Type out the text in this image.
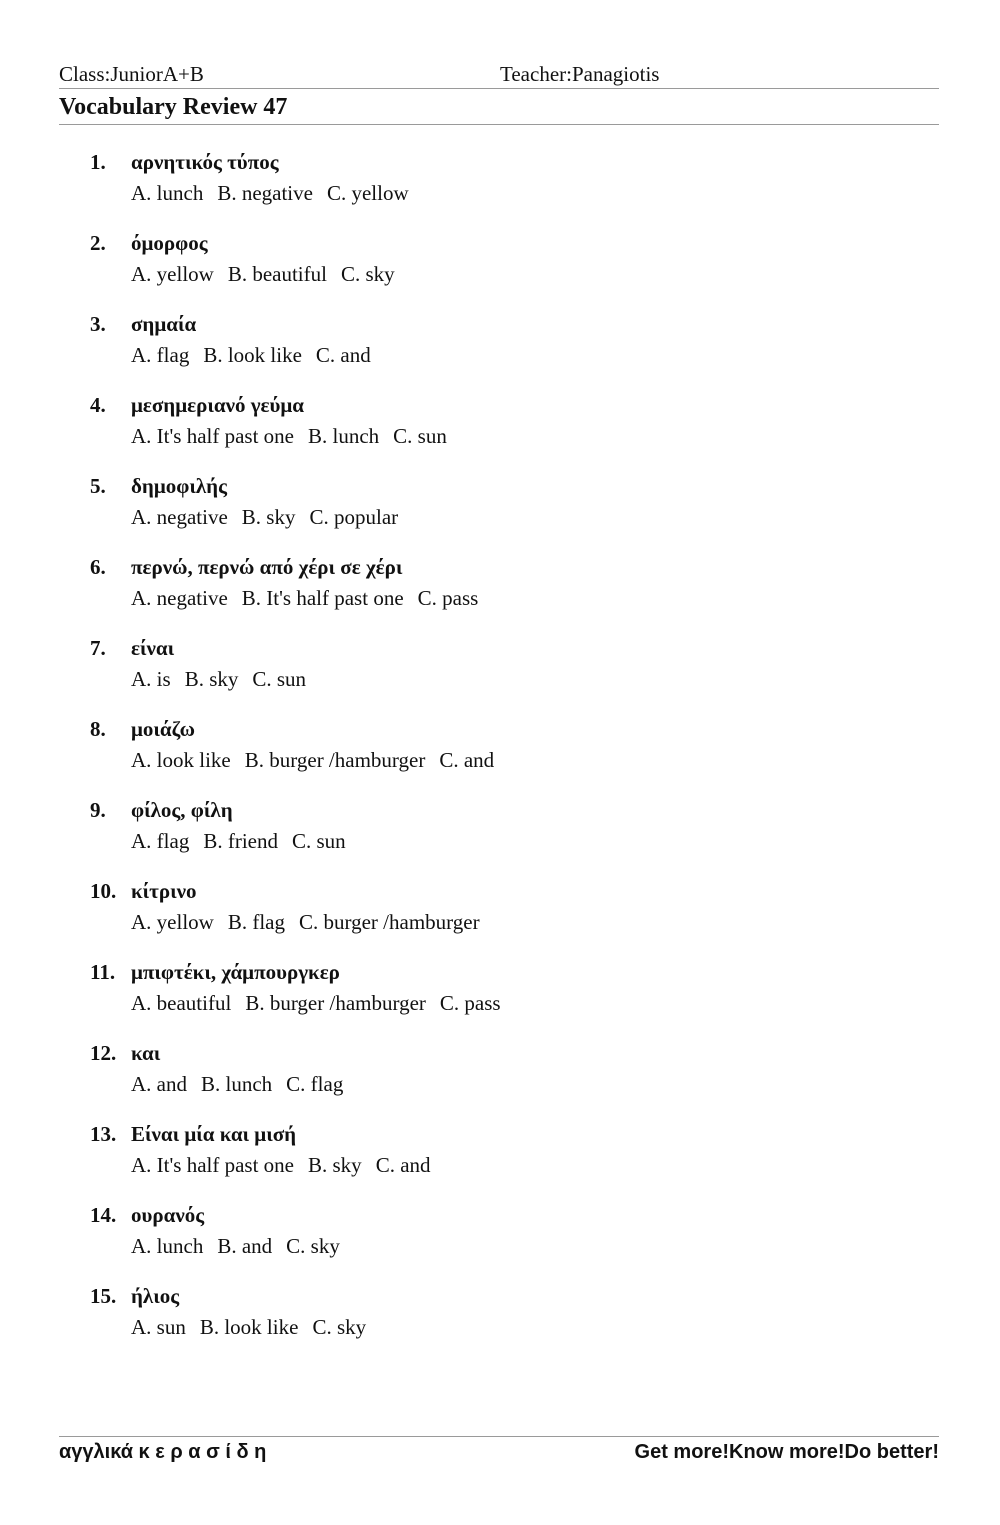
Class:JuniorA+B	Teacher:Panagiotis
Vocabulary Review 47
1. αρνητικός τύπος
A. lunch B. negative C. yellow
2. όμορφος
A. yellow B. beautiful C. sky
3. σημαία
A. flag B. look like C. and
4. μεσημεριανό γεύμα
A. It's half past one B. lunch C. sun
5. δημοφιλής
A. negative B. sky C. popular
6. περνώ, περνώ από χέρι σε χέρι
A. negative B. It's half past one C. pass
7. είναι
A. is B. sky C. sun
8. μοιάζω
A. look like B. burger /hamburger C. and
9. φίλος, φίλη
A. flag B. friend C. sun
10. κίτρινο
A. yellow B. flag C. burger /hamburger
11. μπιφτέκι, χάμπουργκερ
A. beautiful B. burger /hamburger C. pass
12. και
A. and B. lunch C. flag
13. Είναι μία και μισή
A. It's half past one B. sky C. and
14. ουρανός
A. lunch B. and C. sky
15. ήλιος
A. sun B. look like C. sky
αγγλικά κ ε ρ α σ ί δ η	Get more!Know more!Do better!
